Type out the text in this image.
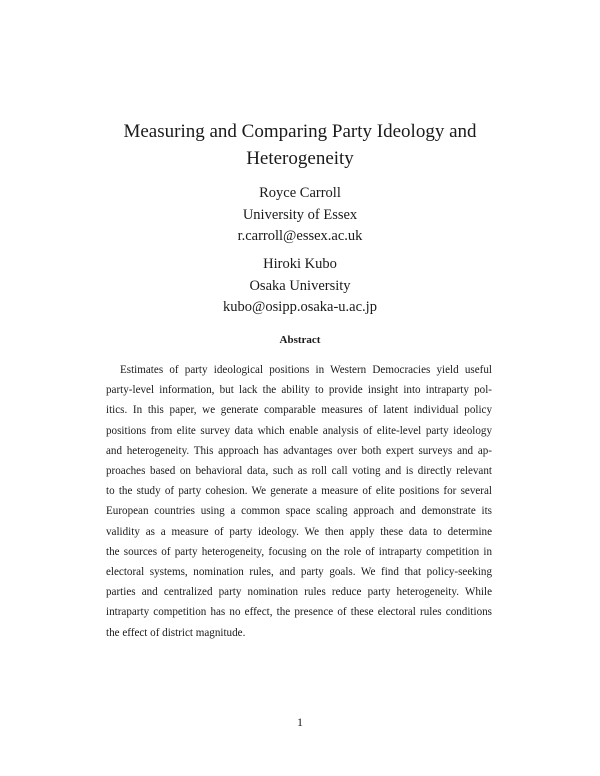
Measuring and Comparing Party Ideology and
Heterogeneity
Royce Carroll
University of Essex
r.carroll@essex.ac.uk
Hiroki Kubo
Osaka University
kubo@osipp.osaka-u.ac.jp
Abstract
Estimates of party ideological positions in Western Democracies yield useful
party-level information, but lack the ability to provide insight into intraparty pol-
itics. In this paper, we generate comparable measures of latent individual policy
positions from elite survey data which enable analysis of elite-level party ideology
and heterogeneity. This approach has advantages over both expert surveys and ap-
proaches based on behavioral data, such as roll call voting and is directly relevant
to the study of party cohesion. We generate a measure of elite positions for several
European countries using a common space scaling approach and demonstrate its
validity as a measure of party ideology. We then apply these data to determine
the sources of party heterogeneity, focusing on the role of intraparty competition in
electoral systems, nomination rules, and party goals. We find that policy-seeking
parties and centralized party nomination rules reduce party heterogeneity. While
intraparty competition has no effect, the presence of these electoral rules conditions
the effect of district magnitude.
1
